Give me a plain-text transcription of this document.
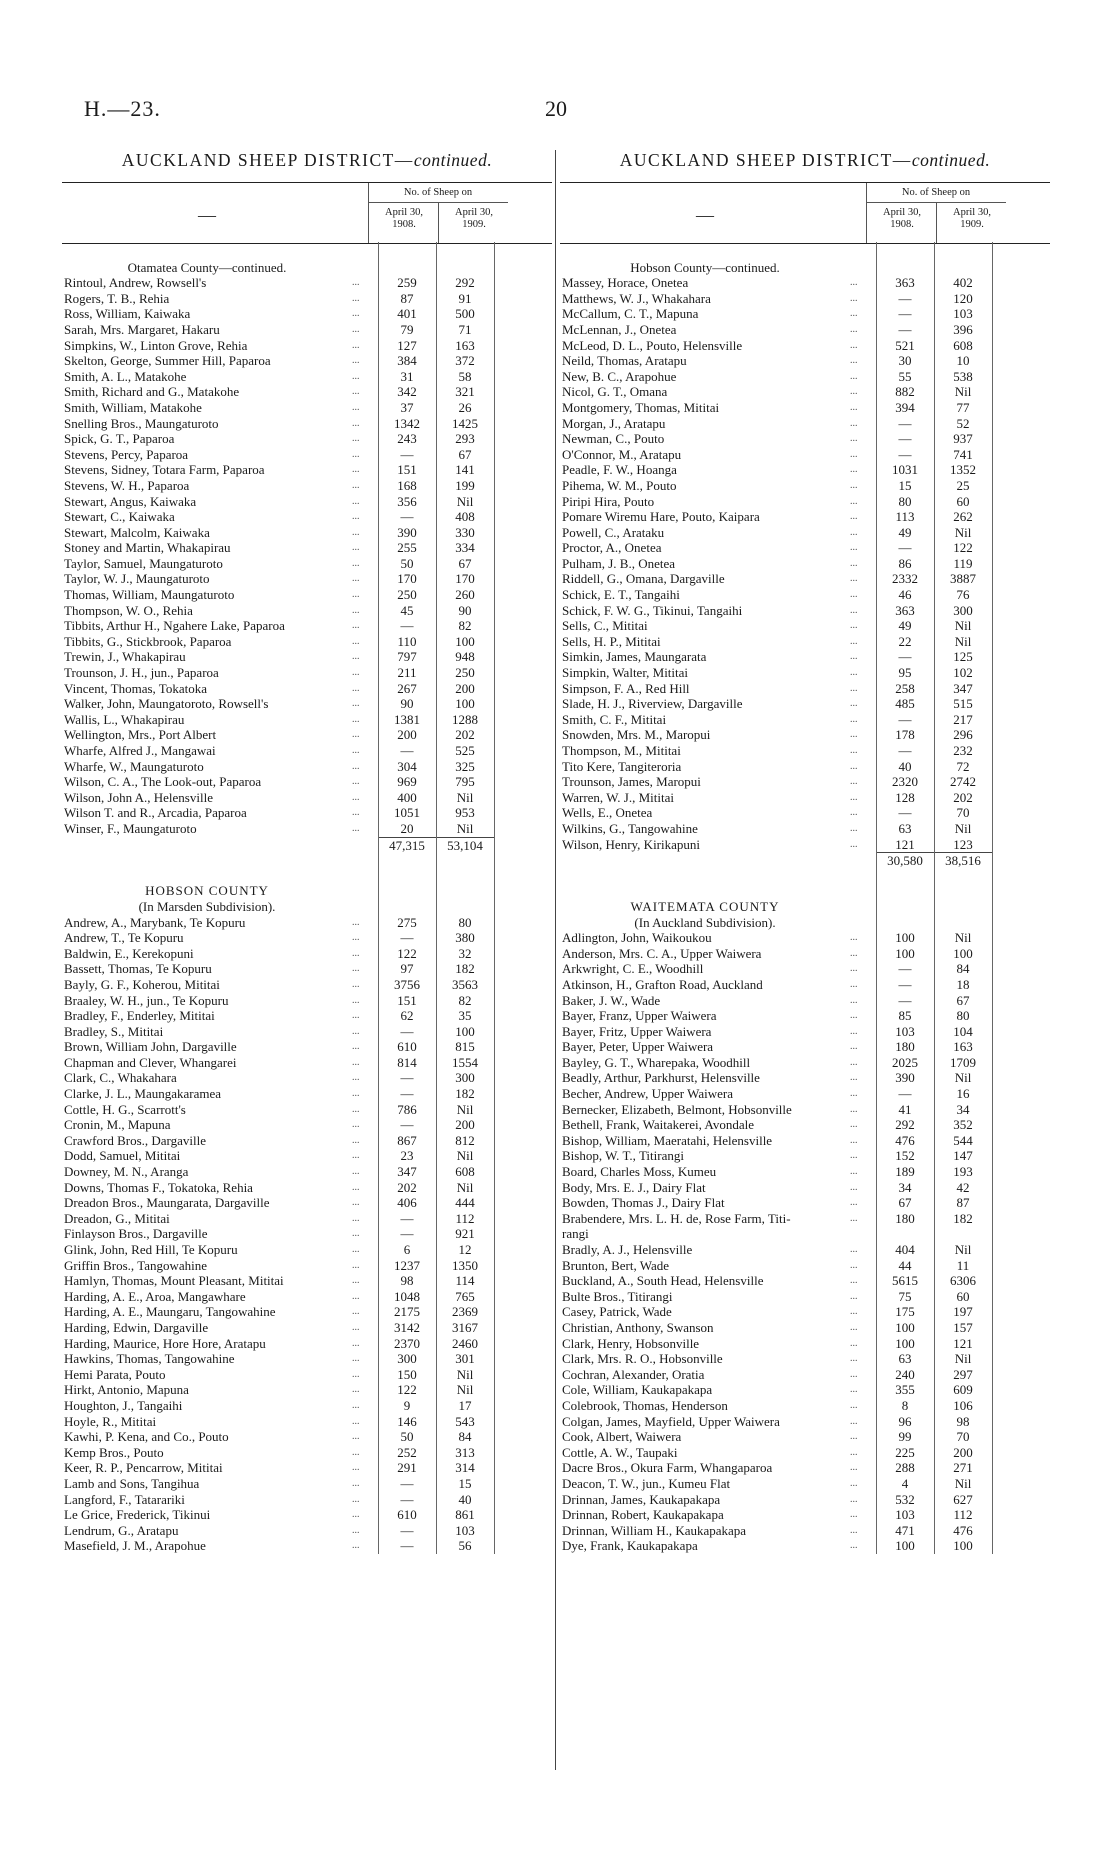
H.—23.	20
AUCKLAND SHEEP DISTRICT—continued.
—
No. of Sheep on
April 30, 1908.
April 30, 1909.
Otamatea County—continued.
Rintoul, Andrew, Rowsell's	...	259	292
Rogers, T. B., Rehia	...	87	91
Ross, William, Kaiwaka	...	401	500
Sarah, Mrs. Margaret, Hakaru	...	79	71
Simpkins, W., Linton Grove, Rehia	...	127	163
Skelton, George, Summer Hill, Paparoa	...	384	372
Smith, A. L., Matakohe	...	31	58
Smith, Richard and G., Matakohe	...	342	321
Smith, William, Matakohe	...	37	26
Snelling Bros., Maungaturoto	...	1342	1425
Spick, G. T., Paparoa	...	243	293
Stevens, Percy, Paparoa	...	—	67
Stevens, Sidney, Totara Farm, Paparoa	...	151	141
Stevens, W. H., Paparoa	...	168	199
Stewart, Angus, Kaiwaka	...	356	Nil
Stewart, C., Kaiwaka	...	—	408
Stewart, Malcolm, Kaiwaka	...	390	330
Stoney and Martin, Whakapirau	...	255	334
Taylor, Samuel, Maungaturoto	...	50	67
Taylor, W. J., Maungaturoto	...	170	170
Thomas, William, Maungaturoto	...	250	260
Thompson, W. O., Rehia	...	45	90
Tibbits, Arthur H., Ngahere Lake, Paparoa	...	—	82
Tibbits, G., Stickbrook, Paparoa	...	110	100
Trewin, J., Whakapirau	...	797	948
Trounson, J. H., jun., Paparoa	...	211	250
Vincent, Thomas, Tokatoka	...	267	200
Walker, John, Maungatoroto, Rowsell's	...	90	100
Wallis, L., Whakapirau	...	1381	1288
Wellington, Mrs., Port Albert	...	200	202
Wharfe, Alfred J., Mangawai	...	—	525
Wharfe, W., Maungaturoto	...	304	325
Wilson, C. A., The Look-out, Paparoa	...	969	795
Wilson, John A., Helensville	...	400	Nil
Wilson T. and R., Arcadia, Paparoa	...	1051	953
Winser, F., Maungaturoto	...	20	Nil
47,315	53,104
HOBSON COUNTY
(In Marsden Subdivision).
Andrew, A., Marybank, Te Kopuru	...	275	80
Andrew, T., Te Kopuru	...	—	380
Baldwin, E., Kerekopuni	...	122	32
Bassett, Thomas, Te Kopuru	...	97	182
Bayly, G. F., Koherou, Mititai	...	3756	3563
Braaley, W. H., jun., Te Kopuru	...	151	82
Bradley, F., Enderley, Mititai	...	62	35
Bradley, S., Mititai	...	—	100
Brown, William John, Dargaville	...	610	815
Chapman and Clever, Whangarei	...	814	1554
Clark, C., Whakahara	...	—	300
Clarke, J. L., Maungakaramea	...	—	182
Cottle, H. G., Scarrott's	...	786	Nil
Cronin, M., Mapuna	...	—	200
Crawford Bros., Dargaville	...	867	812
Dodd, Samuel, Mititai	...	23	Nil
Downey, M. N., Aranga	...	347	608
Downs, Thomas F., Tokatoka, Rehia	...	202	Nil
Dreadon Bros., Maungarata, Dargaville	...	406	444
Dreadon, G., Mititai	...	—	112
Finlayson Bros., Dargaville	...	—	921
Glink, John, Red Hill, Te Kopuru	...	6	12
Griffin Bros., Tangowahine	...	1237	1350
Hamlyn, Thomas, Mount Pleasant, Mititai	...	98	114
Harding, A. E., Aroa, Mangawhare	...	1048	765
Harding, A. E., Maungaru, Tangowahine	...	2175	2369
Harding, Edwin, Dargaville	...	3142	3167
Harding, Maurice, Hore Hore, Aratapu	...	2370	2460
Hawkins, Thomas, Tangowahine	...	300	301
Hemi Parata, Pouto	...	150	Nil
Hirkt, Antonio, Mapuna	...	122	Nil
Houghton, J., Tangaihi	...	9	17
Hoyle, R., Mititai	...	146	543
Kawhi, P. Kena, and Co., Pouto	...	50	84
Kemp Bros., Pouto	...	252	313
Keer, R. P., Pencarrow, Mititai	...	291	314
Lamb and Sons, Tangihua	...	—	15
Langford, F., Tatarariki	...	—	40
Le Grice, Frederick, Tikinui	...	610	861
Lendrum, G., Aratapu	...	—	103
Masefield, J. M., Arapohue	...	—	56
AUCKLAND SHEEP DISTRICT—continued.
—
No. of Sheep on
April 30, 1908.
April 30, 1909.
Hobson County—continued.
Massey, Horace, Onetea	...	363	402
Matthews, W. J., Whakahara	...	—	120
McCallum, C. T., Mapuna	...	—	103
McLennan, J., Onetea	...	—	396
McLeod, D. L., Pouto, Helensville	...	521	608
Neild, Thomas, Aratapu	...	30	10
New, B. C., Arapohue	...	55	538
Nicol, G. T., Omana	...	882	Nil
Montgomery, Thomas, Mititai	...	394	77
Morgan, J., Aratapu	...	—	52
Newman, C., Pouto	...	—	937
O'Connor, M., Aratapu	...	—	741
Peadle, F. W., Hoanga	...	1031	1352
Pihema, W. M., Pouto	...	15	25
Piripi Hira, Pouto	...	80	60
Pomare Wiremu Hare, Pouto, Kaipara	...	113	262
Powell, C., Arataku	...	49	Nil
Proctor, A., Onetea	...	—	122
Pulham, J. B., Onetea	...	86	119
Riddell, G., Omana, Dargaville	...	2332	3887
Schick, E. T., Tangaihi	...	46	76
Schick, F. W. G., Tikinui, Tangaihi	...	363	300
Sells, C., Mititai	...	49	Nil
Sells, H. P., Mititai	...	22	Nil
Simkin, James, Maungarata	...	—	125
Simpkin, Walter, Mititai	...	95	102
Simpson, F. A., Red Hill	...	258	347
Slade, H. J., Riverview, Dargaville	...	485	515
Smith, C. F., Mititai	...	—	217
Snowden, Mrs. M., Maropui	...	178	296
Thompson, M., Mititai	...	—	232
Tito Kere, Tangiteroria	...	40	72
Trounson, James, Maropui	...	2320	2742
Warren, W. J., Mititai	...	128	202
Wells, E., Onetea	...	—	70
Wilkins, G., Tangowahine	...	63	Nil
Wilson, Henry, Kirikapuni	...	121	123
30,580	38,516
WAITEMATA COUNTY
(In Auckland Subdivision).
Adlington, John, Waikoukou	...	100	Nil
Anderson, Mrs. C. A., Upper Waiwera	...	100	100
Arkwright, C. E., Woodhill	...	—	84
Atkinson, H., Grafton Road, Auckland	...	—	18
Baker, J. W., Wade	...	—	67
Bayer, Franz, Upper Waiwera	...	85	80
Bayer, Fritz, Upper Waiwera	...	103	104
Bayer, Peter, Upper Waiwera	...	180	163
Bayley, G. T., Wharepaka, Woodhill	...	2025	1709
Beadly, Arthur, Parkhurst, Helensville	...	390	Nil
Becher, Andrew, Upper Waiwera	...	—	16
Bernecker, Elizabeth, Belmont, Hobsonville	...	41	34
Bethell, Frank, Waitakerei, Avondale	...	292	352
Bishop, William, Maeratahi, Helensville	...	476	544
Bishop, W. T., Titirangi	...	152	147
Board, Charles Moss, Kumeu	...	189	193
Body, Mrs. E. J., Dairy Flat	...	34	42
Bowden, Thomas J., Dairy Flat	...	67	87
Brabendere, Mrs. L. H. de, Rose Farm, Titi-	...	180	182
rangi
Bradly, A. J., Helensville	...	404	Nil
Brunton, Bert, Wade	...	44	11
Buckland, A., South Head, Helensville	...	5615	6306
Bulte Bros., Titirangi	...	75	60
Casey, Patrick, Wade	...	175	197
Christian, Anthony, Swanson	...	100	157
Clark, Henry, Hobsonville	...	100	121
Clark, Mrs. R. O., Hobsonville	...	63	Nil
Cochran, Alexander, Oratia	...	240	297
Cole, William, Kaukapakapa	...	355	609
Colebrook, Thomas, Henderson	...	8	106
Colgan, James, Mayfield, Upper Waiwera	...	96	98
Cook, Albert, Waiwera	...	99	70
Cottle, A. W., Taupaki	...	225	200
Dacre Bros., Okura Farm, Whangaparoa	...	288	271
Deacon, T. W., jun., Kumeu Flat	...	4	Nil
Drinnan, James, Kaukapakapa	...	532	627
Drinnan, Robert, Kaukapakapa	...	103	112
Drinnan, William H., Kaukapakapa	...	471	476
Dye, Frank, Kaukapakapa	...	100	100
